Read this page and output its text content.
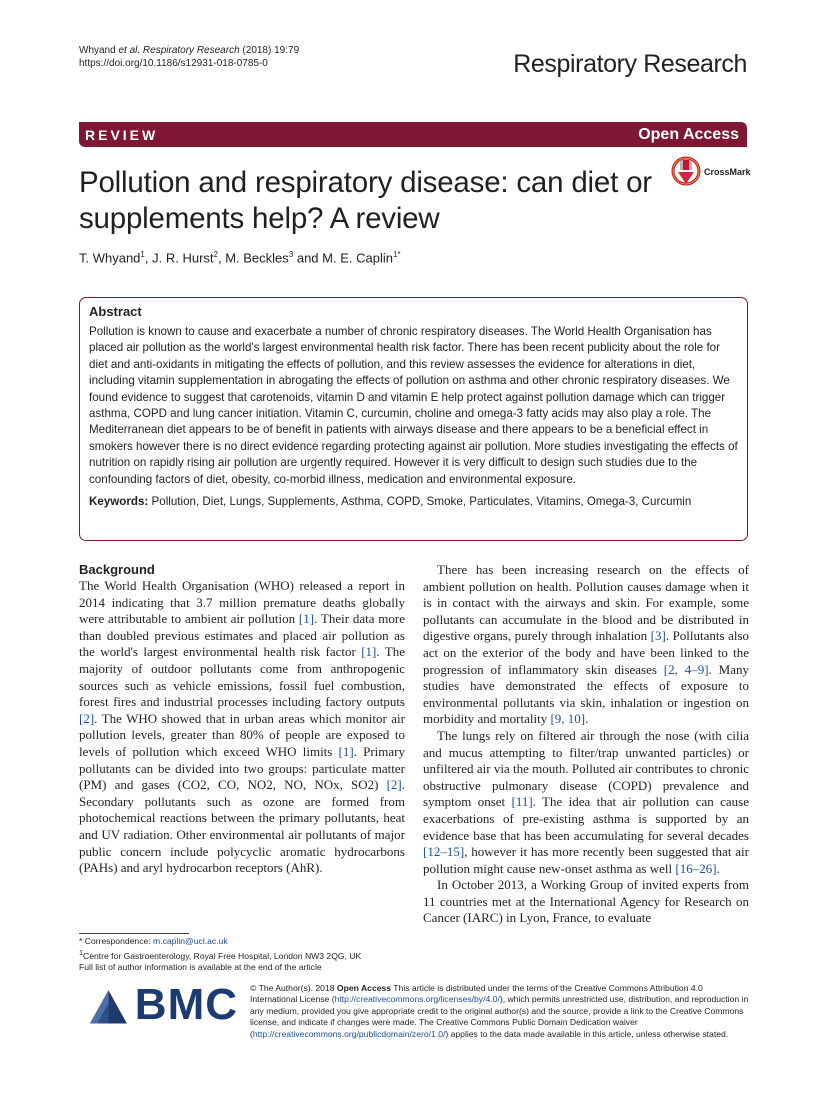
Whyand et al. Respiratory Research (2018) 19:79
https://doi.org/10.1186/s12931-018-0785-0	Respiratory Research
REVIEW	Open Access
Pollution and respiratory disease: can diet or supplements help? A review
CrossMark
T. Whyand$^1$, J. R. Hurst$^2$, M. Beckles$^3$ and M. E. Caplin$^{1*}$
Abstract

Pollution is known to cause and exacerbate a number of chronic respiratory diseases. The World Health Organisation has placed air pollution as the world's largest environmental health risk factor. There has been recent publicity about the role for diet and anti-oxidants in mitigating the effects of pollution, and this review assesses the evidence for alterations in diet, including vitamin supplementation in abrogating the effects of pollution on asthma and other chronic respiratory diseases. We found evidence to suggest that carotenoids, vitamin D and vitamin E help protect against pollution damage which can trigger asthma, COPD and lung cancer initiation. Vitamin C, curcumin, choline and omega-3 fatty acids may also play a role. The Mediterranean diet appears to be of benefit in patients with airways disease and there appears to be a beneficial effect in smokers however there is no direct evidence regarding protecting against air pollution. More studies investigating the effects of nutrition on rapidly rising air pollution are urgently required. However it is very difficult to design such studies due to the confounding factors of diet, obesity, co-morbid illness, medication and environmental exposure.

Keywords: Pollution, Diet, Lungs, Supplements, Asthma, COPD, Smoke, Particulates, Vitamins, Omega-3, Curcumin

Background

The World Health Organisation (WHO) released a report in 2014 indicating that 3.7 million premature deaths globally were attributable to ambient air pollution [1]. Their data more than doubled previous estimates and placed air pollution as the world's largest environmental health risk factor [1]. The majority of outdoor pollutants come from anthropogenic sources such as vehicle emissions, fossil fuel combustion, forest fires and industrial processes including factory outputs [2]. The WHO showed that in urban areas which monitor air pollution levels, greater than 80% of people are exposed to levels of pollution which exceed WHO limits [1]. Primary pollutants can be divided into two groups: particulate matter (PM) and gases (CO2, CO, NO2, NO, NOx, SO2) [2]. Secondary pollutants such as ozone are formed from photochemical reactions between the primary pollutants, heat and UV radiation. Other environmental air pollutants of major public concern include polycyclic aromatic hydrocarbons (PAHs) and aryl hydrocarbon receptors (AhR).

There has been increasing research on the effects of ambient pollution on health. Pollution causes damage when it is in contact with the airways and skin. For example, some pollutants can accumulate in the blood and be distributed in digestive organs, purely through inhalation [3]. Pollutants also act on the exterior of the body and have been linked to the progression of inflammatory skin diseases [2, 4–9]. Many studies have demonstrated the effects of exposure to environmental pollutants via skin, inhalation or ingestion on morbidity and mortality [9, 10].

The lungs rely on filtered air through the nose (with cilia and mucus attempting to filter/trap unwanted particles) or unfiltered air via the mouth. Polluted air contributes to chronic obstructive pulmonary disease (COPD) prevalence and symptom onset [11]. The idea that air pollution can cause exacerbations of pre-existing asthma is supported by an evidence base that has been accumulating for several decades [12–15], however it has more recently been suggested that air pollution might cause new-onset asthma as well [16–26].

In October 2013, a Working Group of invited experts from 11 countries met at the International Agency for Research on Cancer (IARC) in Lyon, France, to evaluate

* Correspondence: m.caplin@ucl.ac.uk
$^1$Centre for Gastroenterology, Royal Free Hospital, London NW3 2QG, UK
Full list of author information is available at the end of the article
BMC © The Author(s). 2018 Open Access This article is distributed under the terms of the Creative Commons Attribution 4.0 International License (http://creativecommons.org/licenses/by/4.0/), which permits unrestricted use, distribution, and reproduction in any medium, provided you give appropriate credit to the original author(s) and the source, provide a link to the Creative Commons license, and indicate if changes were made. The Creative Commons Public Domain Dedication waiver (http://creativecommons.org/publicdomain/zero/1.0/) applies to the data made available in this article, unless otherwise stated.
